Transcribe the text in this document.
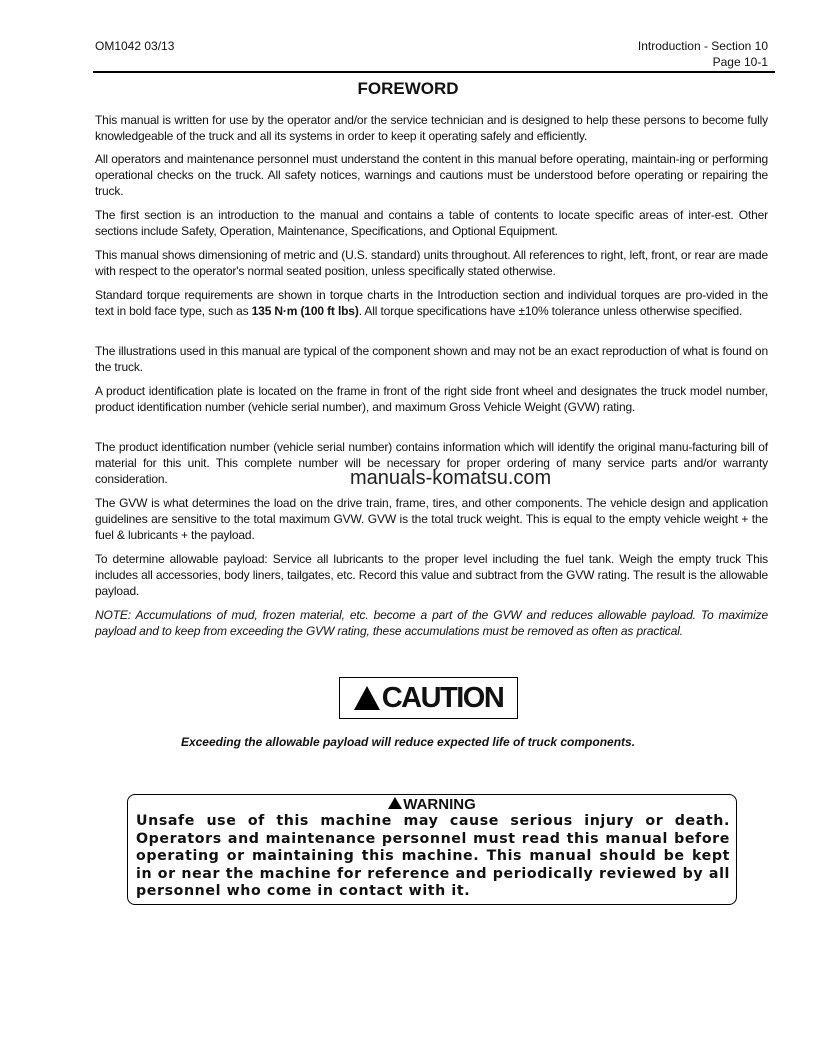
OM1042 03/13	Introduction - Section 10
Page 10-1
FOREWORD

This manual is written for use by the operator and/or the service technician and is designed to help these persons to become fully knowledgeable of the truck and all its systems in order to keep it operating safely and efficiently.

All operators and maintenance personnel must understand the content in this manual before operating, maintain-ing or performing operational checks on the truck. All safety notices, warnings and cautions must be understood before operating or repairing the truck.

The first section is an introduction to the manual and contains a table of contents to locate specific areas of inter-est. Other sections include Safety, Operation, Maintenance, Specifications, and Optional Equipment.

This manual shows dimensioning of metric and (U.S. standard) units throughout. All references to right, left, front, or rear are made with respect to the operator's normal seated position, unless specifically stated otherwise.

Standard torque requirements are shown in torque charts in the Introduction section and individual torques are pro-vided in the text in bold face type, such as 135 N·m (100 ft lbs). All torque specifications have ±10% tolerance unless otherwise specified.

The illustrations used in this manual are typical of the component shown and may not be an exact reproduction of what is found on the truck.

A product identification plate is located on the frame in front of the right side front wheel and designates the truck model number, product identification number (vehicle serial number), and maximum Gross Vehicle Weight (GVW) rating.

The product identification number (vehicle serial number) contains information which will identify the original manu-facturing bill of material for this unit. This complete number will be necessary for proper ordering of many service parts and/or warranty consideration.

The GVW is what determines the load on the drive train, frame, tires, and other components. The vehicle design and application guidelines are sensitive to the total maximum GVW. GVW is the total truck weight. This is equal to the empty vehicle weight + the fuel & lubricants + the payload.

To determine allowable payload: Service all lubricants to the proper level including the fuel tank. Weigh the empty truck This includes all accessories, body liners, tailgates, etc. Record this value and subtract from the GVW rating. The result is the allowable payload.

NOTE: Accumulations of mud, frozen material, etc. become a part of the GVW and reduces allowable payload. To maximize payload and to keep from exceeding the GVW rating, these accumulations must be removed as often as practical.

manuals-komatsu.com
CAUTION
Exceeding the allowable payload will reduce expected life of truck components.
WARNING
Unsafe use of this machine may cause serious injury or death. Operators and maintenance personnel must read this manual before operating or maintaining this machine. This manual should be kept in or near the machine for reference and periodically reviewed by all personnel who come in contact with it.
